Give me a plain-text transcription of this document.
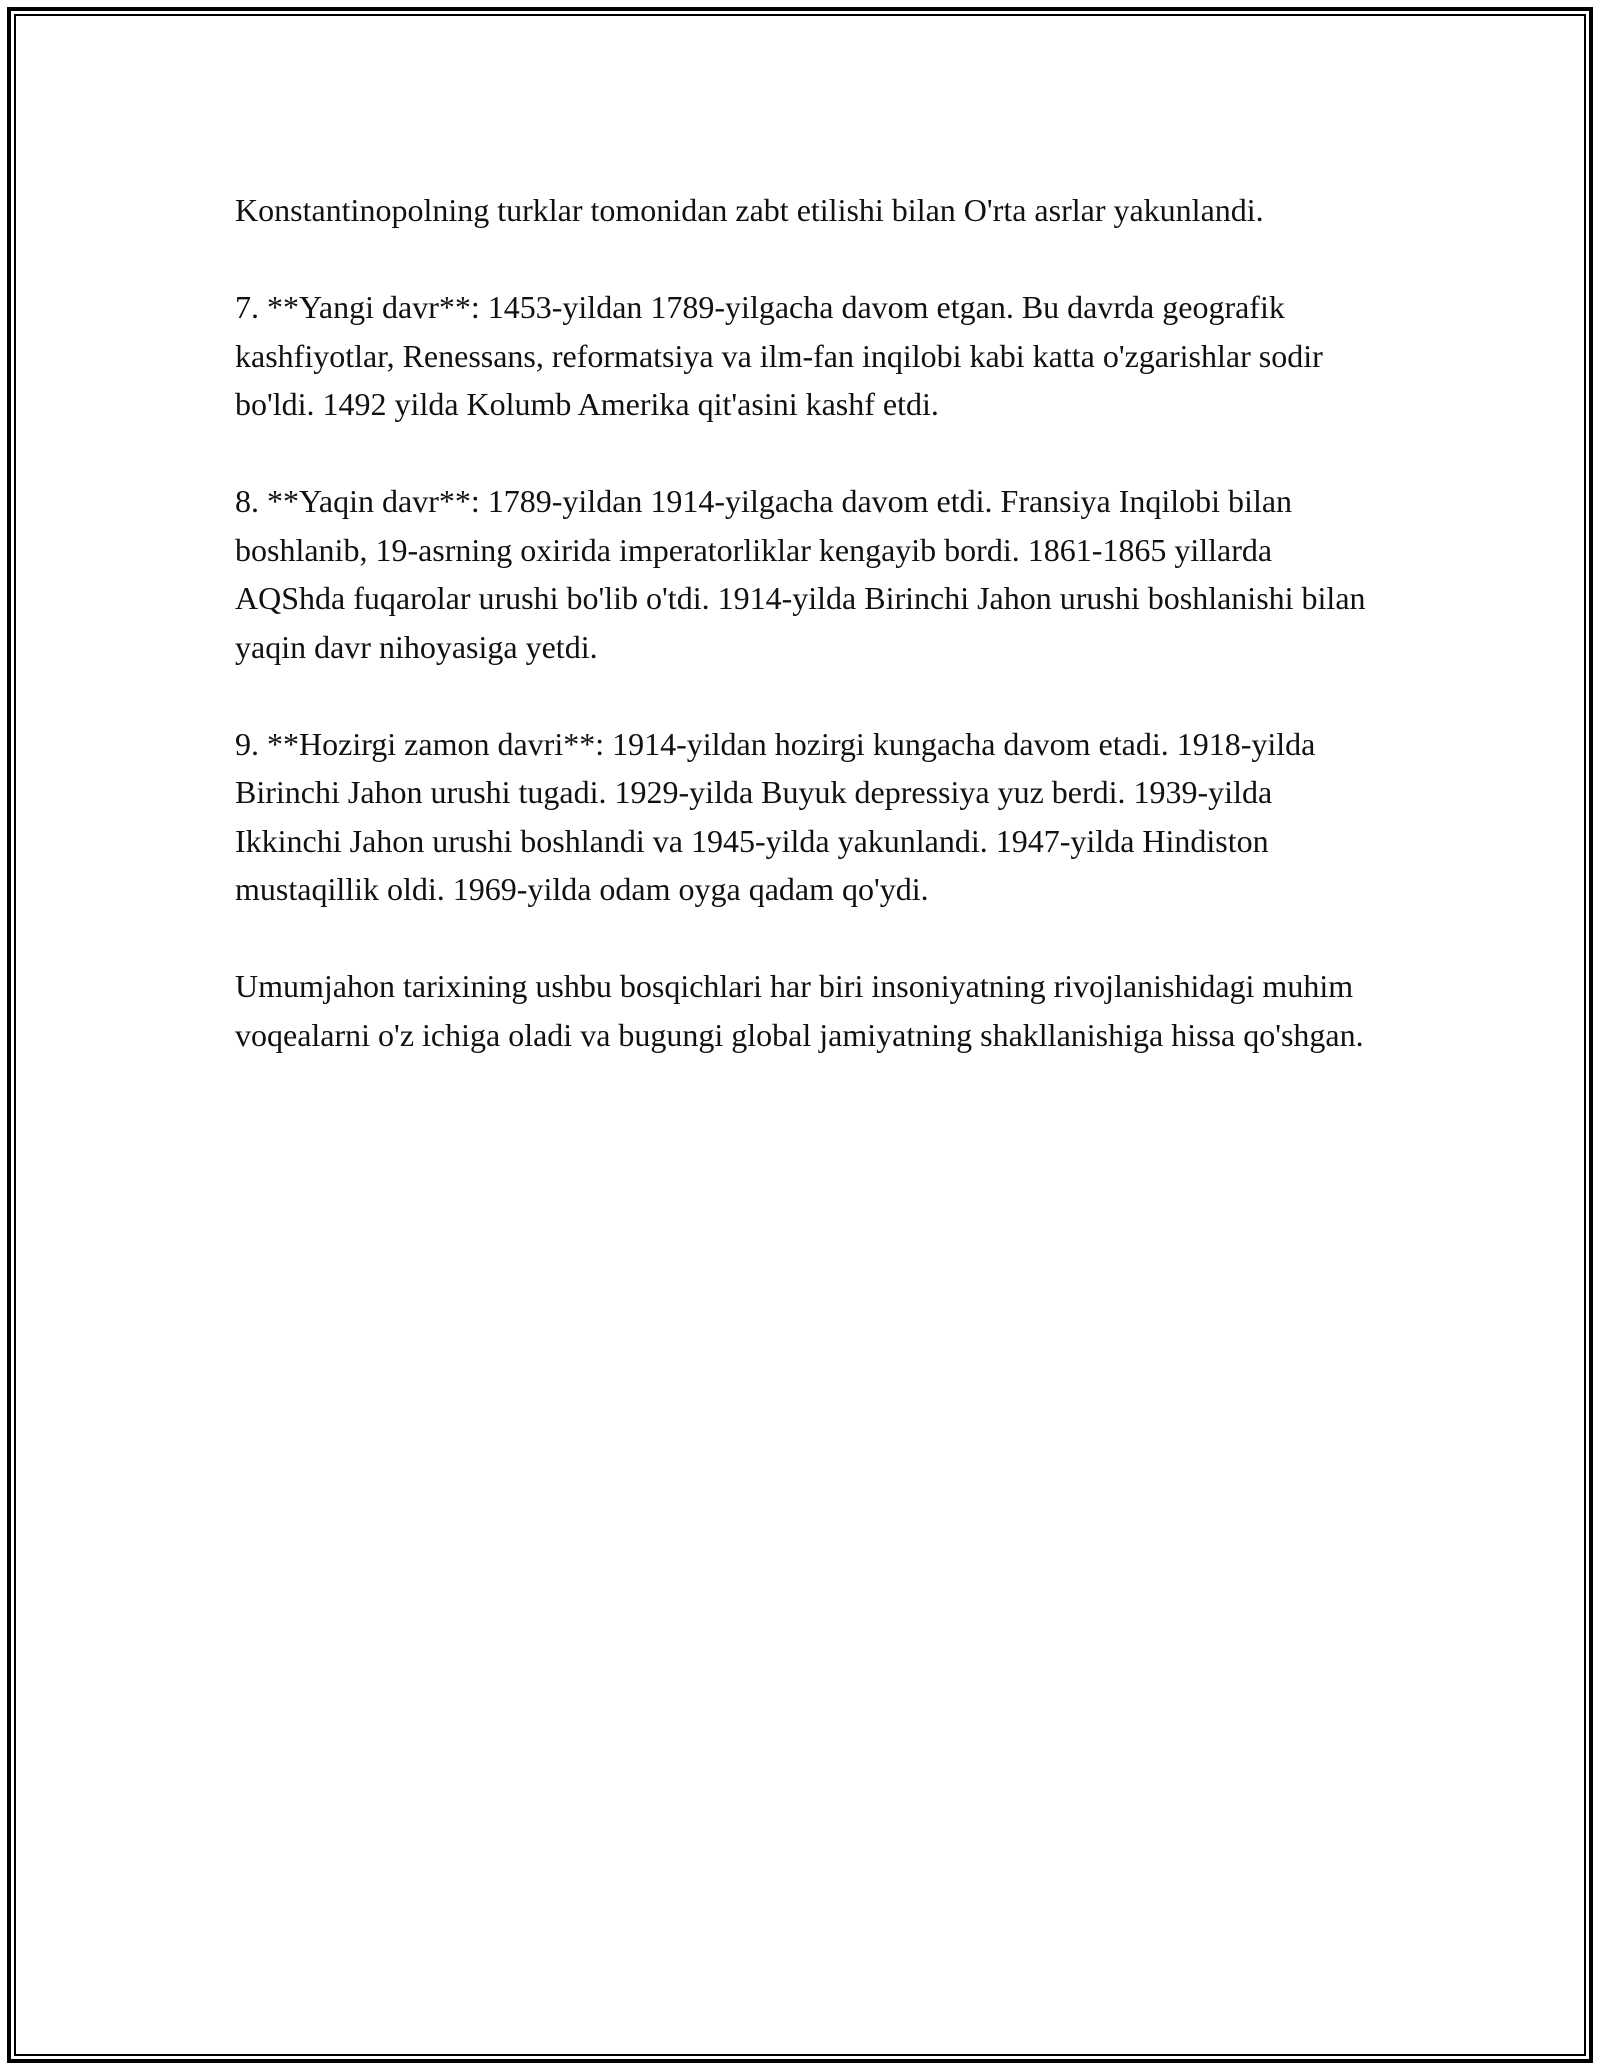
Konstantinopolning turklar tomonidan zabt etilishi bilan O'rta asrlar yakunlandi.

7. **Yangi davr**: 1453-yildan 1789-yilgacha davom etgan. Bu davrda geografik kashfiyotlar, Renessans, reformatsiya va ilm-fan inqilobi kabi katta o'zgarishlar sodir bo'ldi. 1492 yilda Kolumb Amerika qit'asini kashf etdi.

8. **Yaqin davr**: 1789-yildan 1914-yilgacha davom etdi. Fransiya Inqilobi bilan boshlanib, 19-asrning oxirida imperatorliklar kengayib bordi. 1861-1865 yillarda AQShda fuqarolar urushi bo'lib o'tdi. 1914-yilda Birinchi Jahon urushi boshlanishi bilan yaqin davr nihoyasiga yetdi.

9. **Hozirgi zamon davri**: 1914-yildan hozirgi kungacha davom etadi. 1918-yilda Birinchi Jahon urushi tugadi. 1929-yilda Buyuk depressiya yuz berdi. 1939-yilda Ikkinchi Jahon urushi boshlandi va 1945-yilda yakunlandi. 1947-yilda Hindiston mustaqillik oldi. 1969-yilda odam oyga qadam qo'ydi.

Umumjahon tarixining ushbu bosqichlari har biri insoniyatning rivojlanishidagi muhim voqealarni o'z ichiga oladi va bugungi global jamiyatning shakllanishiga hissa qo'shgan.
